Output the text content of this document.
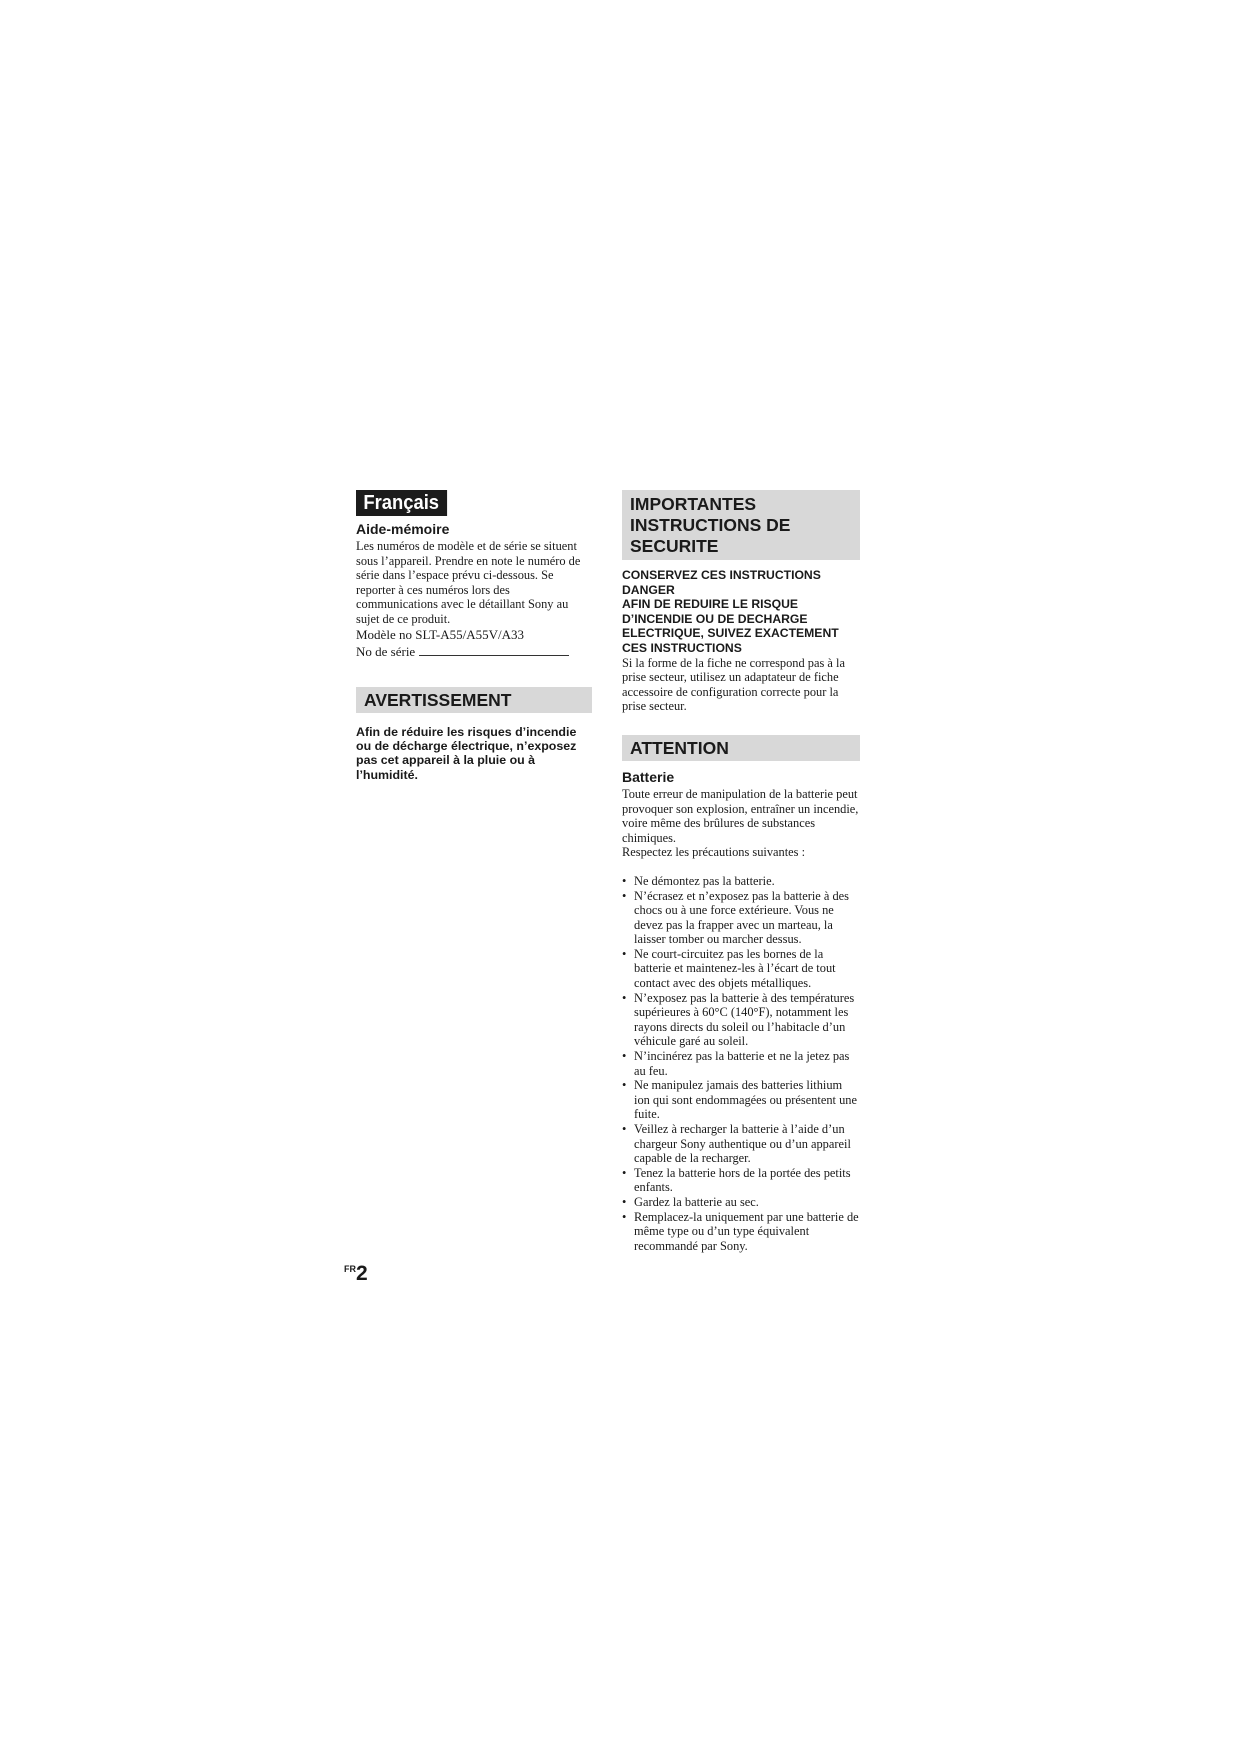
Français
Aide-mémoire

Les numéros de modèle et de série se situent sous l’appareil. Prendre en note le numéro de série dans l’espace prévu ci-dessous. Se reporter à ces numéros lors des communications avec le détaillant Sony au sujet de ce produit.

Modèle no SLT-A55/A55V/A33

No de série

AVERTISSEMENT

Afin de réduire les risques d’incendie ou de décharge électrique, n’exposez pas cet appareil à la pluie ou à l’humidité.

IMPORTANTES INSTRUCTIONS DE SECURITE

CONSERVEZ CES INSTRUCTIONS

DANGER

AFIN DE REDUIRE LE RISQUE D’INCENDIE OU DE DECHARGE ELECTRIQUE, SUIVEZ EXACTEMENT CES INSTRUCTIONS

Si la forme de la fiche ne correspond pas à la prise secteur, utilisez un adaptateur de fiche accessoire de configuration correcte pour la prise secteur.

ATTENTION
Batterie

Toute erreur de manipulation de la batterie peut provoquer son explosion, entraîner un incendie, voire même des brûlures de substances chimiques.

Respectez les précautions suivantes :

• Ne démontez pas la batterie.
• N’écrasez et n’exposez pas la batterie à des chocs ou à une force extérieure. Vous ne devez pas la frapper avec un marteau, la laisser tomber ou marcher dessus.
• Ne court-circuitez pas les bornes de la batterie et maintenez-les à l’écart de tout contact avec des objets métalliques.
• N’exposez pas la batterie à des températures supérieures à 60°C (140°F), notamment les rayons directs du soleil ou l’habitacle d’un véhicule garé au soleil.
• N’incinérez pas la batterie et ne la jetez pas au feu.
• Ne manipulez jamais des batteries lithium ion qui sont endommagées ou présentent une fuite.
• Veillez à recharger la batterie à l’aide d’un chargeur Sony authentique ou d’un appareil capable de la recharger.
• Tenez la batterie hors de la portée des petits enfants.
• Gardez la batterie au sec.
• Remplacez-la uniquement par une batterie de même type ou d’un type équivalent recommandé par Sony.
$^{FR}$2
